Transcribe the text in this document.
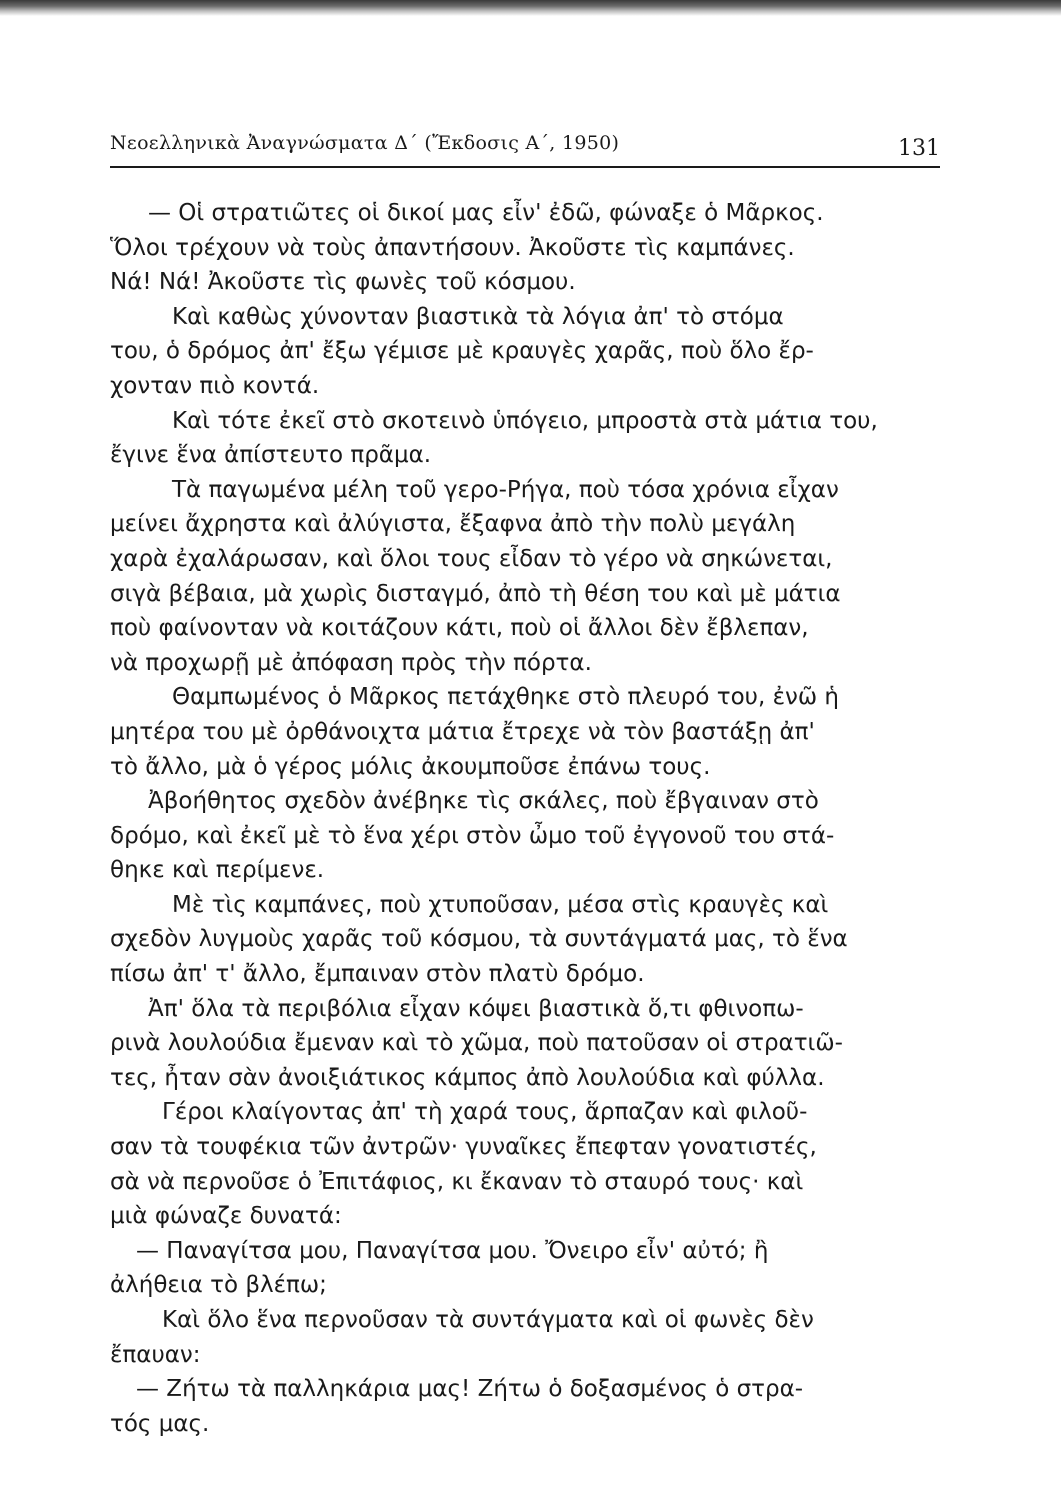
Νεοελληνικὰ Ἀναγνώσματα Δ΄ (Ἔκδοσις Α΄, 1950)	131
— Οἱ στρατιῶτες οἱ δικοί μας εἶν' ἐδῶ, φώναξε ὁ Μᾶρκος.
Ὅλοι τρέχουν νὰ τοὺς ἀπαντήσουν. Ἀκοῦστε τὶς καμπάνες.
Νά! Νά! Ἀκοῦστε τὶς φωνὲς τοῦ κόσμου.
Καὶ καθὼς χύνονταν βιαστικὰ τὰ λόγια ἀπ' τὸ στόμα
του, ὁ δρόμος ἀπ' ἔξω γέμισε μὲ κραυγὲς χαρᾶς, ποὺ ὅλο ἔρ-
χονταν πιὸ κοντά.
Καὶ τότε ἐκεῖ στὸ σκοτεινὸ ὑπόγειο, μπροστὰ στὰ μάτια του,
ἔγινε ἕνα ἀπίστευτο πρᾶμα.
Τὰ παγωμένα μέλη τοῦ γερο-Ρήγα, ποὺ τόσα χρόνια εἶχαν
μείνει ἄχρηστα καὶ ἀλύγιστα, ἔξαφνα ἀπὸ τὴν πολὺ μεγάλη
χαρὰ ἐχαλάρωσαν, καὶ ὅλοι τους εἶδαν τὸ γέρο νὰ σηκώνεται,
σιγὰ βέβαια, μὰ χωρὶς δισταγμό, ἀπὸ τὴ θέση του καὶ μὲ μάτια
ποὺ φαίνονταν νὰ κοιτάζουν κάτι, ποὺ οἱ ἄλλοι δὲν ἔβλεπαν,
νὰ προχωρῇ μὲ ἀπόφαση πρὸς τὴν πόρτα.
Θαμπωμένος ὁ Μᾶρκος πετάχθηκε στὸ πλευρό του, ἐνῶ ἡ
μητέρα του μὲ ὀρθάνοιχτα μάτια ἔτρεχε νὰ τὸν βαστάξῃ ἀπ'
τὸ ἄλλο, μὰ ὁ γέρος μόλις ἀκουμποῦσε ἐπάνω τους.
Ἀβοήθητος σχεδὸν ἀνέβηκε τὶς σκάλες, ποὺ ἔβγαιναν στὸ
δρόμο, καὶ ἐκεῖ μὲ τὸ ἕνα χέρι στὸν ὦμο τοῦ ἐγγονοῦ του στά-
θηκε καὶ περίμενε.
Μὲ τὶς καμπάνες, ποὺ χτυποῦσαν, μέσα στὶς κραυγὲς καὶ
σχεδὸν λυγμοὺς χαρᾶς τοῦ κόσμου, τὰ συντάγματά μας, τὸ ἕνα
πίσω ἀπ' τ' ἄλλο, ἔμπαιναν στὸν πλατὺ δρόμο.
Ἀπ' ὅλα τὰ περιβόλια εἶχαν κόψει βιαστικὰ ὅ,τι φθινοπω-
ρινὰ λουλούδια ἔμεναν καὶ τὸ χῶμα, ποὺ πατοῦσαν οἱ στρατιῶ-
τες, ἦταν σὰν ἀνοιξιάτικος κάμπος ἀπὸ λουλούδια καὶ φύλλα.
Γέροι κλαίγοντας ἀπ' τὴ χαρά τους, ἅρπαζαν καὶ φιλοῦ-
σαν τὰ τουφέκια τῶν ἀντρῶν· γυναῖκες ἔπεφταν γονατιστές,
σὰ νὰ περνοῦσε ὁ Ἐπιτάφιος, κι ἔκαναν τὸ σταυρό τους· καὶ
μιὰ φώναζε δυνατά:
— Παναγίτσα μου, Παναγίτσα μου. Ὄνειρο εἶν' αὐτό; ἢ
ἀλήθεια τὸ βλέπω;
Καὶ ὅλο ἕνα περνοῦσαν τὰ συντάγματα καὶ οἱ φωνὲς δὲν
ἔπαυαν:
— Ζήτω τὰ παλληκάρια μας! Ζήτω ὁ δοξασμένος ὁ στρα-
τός μας.
